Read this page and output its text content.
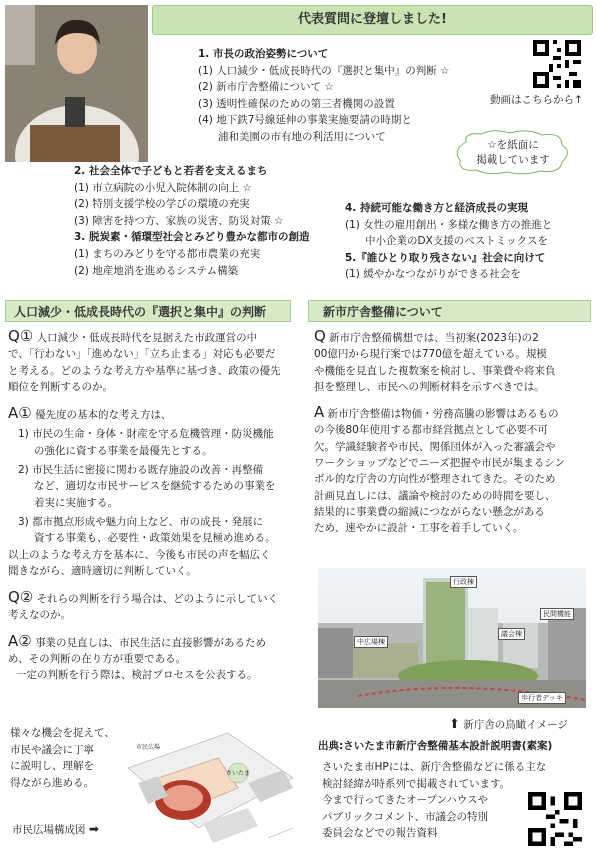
代表質問に登壇しました!
1. 市長の政治姿勢について
(1) 人口減少・低成長時代の『選択と集中』の判断 ☆
(2) 新市庁舎整備について ☆
(3) 透明性確保のための第三者機関の設置
(4) 地下鉄7号線延伸の事業実施要請の時期と
浦和美園の市有地の利活用について
動画はこちらから↑
☆を紙面に
掲載しています
2. 社会全体で子どもと若者を支えるまち
(1) 市立病院の小児入院体制の向上 ☆
(2) 特別支援学校の学びの環境の充実
(3) 障害を持つ方、家族の災害、防災対策 ☆
3. 脱炭素・循環型社会とみどり豊かな都市の創造
(1) まちのみどりを守る都市農業の充実
(2) 地産地消を進めるシステム構築
4. 持続可能な働き方と経済成長の実現
(1) 女性の雇用創出・多様な働き方の推進と
中小企業のDX支援のベストミックスを
5.『誰ひとり取り残さない』社会に向けて
(1) 緩やかなつながりができる社会を
人口減少・低成長時代の『選択と集中』の判断	新市庁舎整備について
Q① 人口減少・低成長時代を見据えた市政運営の中
で、「行わない」「進めない」「立ち止まる」対応も必要だ
と考える。どのような考え方や基準に基づき、政策の優先
順位を判断するのか。
A① 優先度の基本的な考え方は、
1) 市民の生命・身体・財産を守る危機管理・防災機能
の強化に資する事業を最優先とする。
2) 市民生活に密接に関わる既存施設の改善・再整備
など、適切な市民サービスを継続するための事業を
着実に実施する。
3) 都市拠点形成や魅力向上など、市の成長・発展に
資する事業も、必要性・政策効果を見極め進める。
以上のような考え方を基本に、今後も市民の声を幅広く
聞きながら、適時適切に判断していく。
Q② それらの判断を行う場合は、どのように示していく
考えなのか。
A② 事業の見直しは、市民生活に直接影響があるため
め、その判断の在り方が重要である。
一定の判断を行う際は、検討プロセスを公表する。
様々な機会を捉えて、
市民や議会に丁寧
に説明し、理解を
得ながら進める。
市民広場
さいたま
市民広場構成図 ➡
Q 新市庁舎整備構想では、当初案(2023年)の2
00億円から現行案では770億を超えている。規模
や機能を見直した複数案を検討し、事業費や将来負
担を整理し、市民への判断材料を示すべきでは。
A 新市庁舎整備は物価・労務高騰の影響はあるもの
の今後80年使用する都市経営拠点として必要不可
欠。学識経験者や市民、関係団体が入った審議会や
ワークショップなどでニーズ把握や市民が集まるシン
ボル的な庁舎の方向性が整理されてきた。そのため
計画見直しには、議論や検討のための時間を要し、
結果的に事業費の縮減につながらない懸念がある
ため、速やかに設計・工事を着手していく。
行政棟
民間機能
中広場棟
議会棟
歩行者デッキ
⬆ 新庁舎の鳥瞰イメージ
出典:さいたま市新庁舎整備基本設計説明書(素案)
さいたま市HPには、新庁舎整備などに係る主な
検討経緯が時系列で掲載されています。
今まで行ってきたオープンハウスや
パブリックコメント、市議会の特別
委員会などでの報告資料
